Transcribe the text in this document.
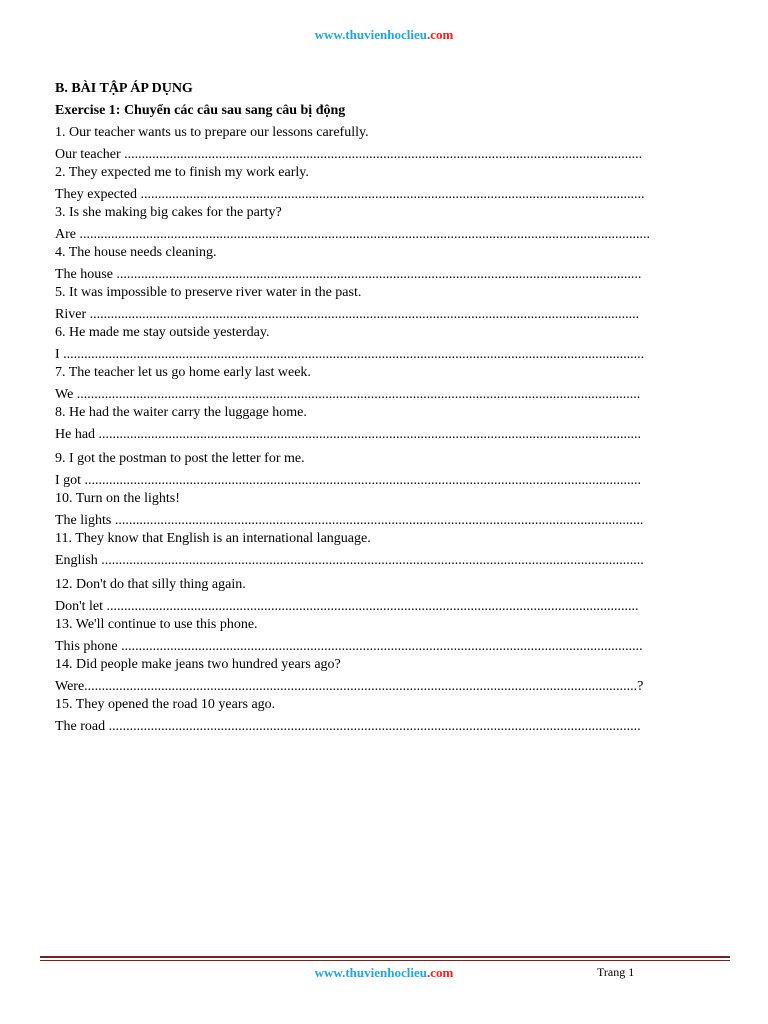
www.thuvienhoclieu.com
B. BÀI TẬP ÁP DỤNG
Exercise 1: Chuyển các câu sau sang câu bị động
1. Our teacher wants us to prepare our lessons carefully.
Our teacher ....................................................................................................................................................
2. They expected me to finish my work early.
They expected ................................................................................................................................................
3. Is she making big cakes for the party?
Are ...................................................................................................................................................................
4. The house needs cleaning.
The house ......................................................................................................................................................
5. It was impossible to preserve river water in the past.
River .............................................................................................................................................................
6. He made me stay outside yesterday.
I ......................................................................................................................................................................
7. The teacher let us go home early last week.
We .................................................................................................................................................................
8. He had the waiter carry the luggage home.
He had ...........................................................................................................................................................
9. I got the postman to post the letter for me.
I got ...............................................................................................................................................................
10. Turn on the lights!
The lights .......................................................................................................................................................
11. They know that English is an international language.
English ...........................................................................................................................................................
12. Don't do that silly thing again.
Don't let ........................................................................................................................................................
13. We'll continue to use this phone.
This phone .....................................................................................................................................................
14. Did people make jeans two hundred years ago?
Were..............................................................................................................................................................?
15. They opened the road 10 years ago.
The road ........................................................................................................................................................
www.thuvienhoclieu.com	Trang 1
